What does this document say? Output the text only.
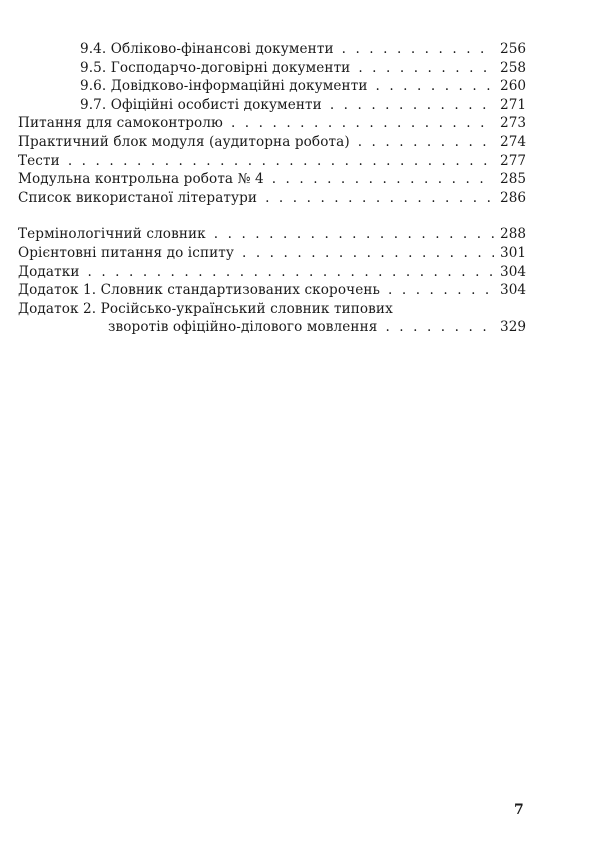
9.4. Обліково-фінансові документи . . .	256
9.5. Господарчо-договірні документи . . .	258
9.6. Довідково-інформаційні документи . . .	260
9.7. Офіційні особисті документи . . .	271
Питання для самоконтролю . . .	273
Практичний блок модуля (аудиторна робота) . . .	274
Тести . . .	277
Модульна контрольна робота № 4 . . .	285
Список використаної літератури . . .	286
Термінологічний словник . . .	288
Орієнтовні питання до іспиту . . .	301
Додатки . . .	304
Додаток 1. Словник стандартизованих скорочень . . .	304
Додаток 2. Російсько-український словник типових
зворотів офіційно-ділового мовлення . . .	329
7
